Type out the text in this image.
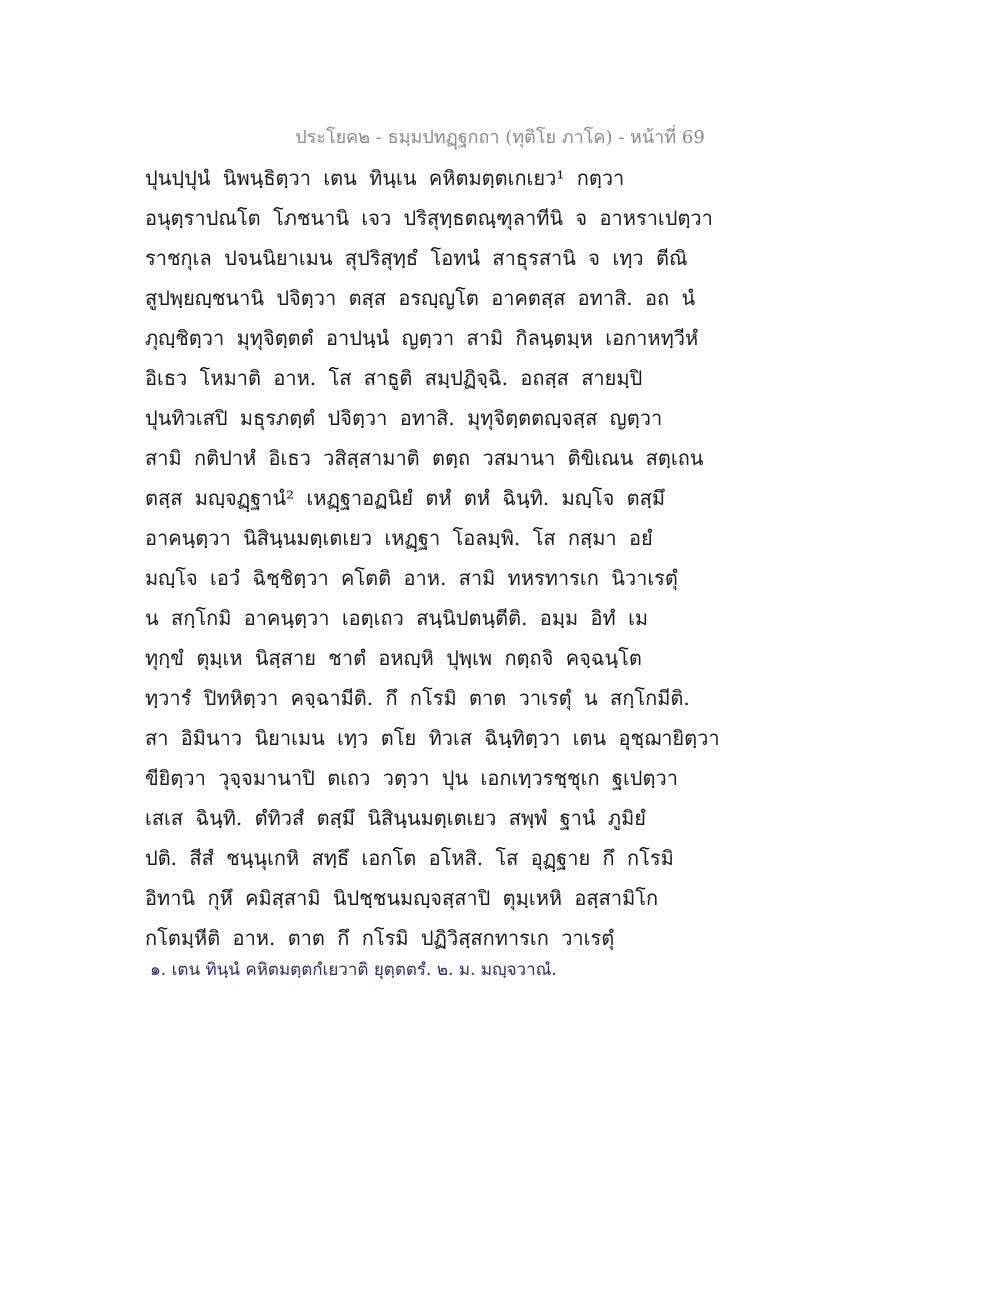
ประโยค๒ - ธมฺมปทฏฺฐกถา (ทุติโย ภาโค) - หน้าที่ 69
ปุนปฺปุนํ นิพนฺธิตฺวา เตน ทินฺเน คหิตมตฺตเกเยว¹ กตฺวา
อนุตฺราปณโต โภชนานิ เจว ปริสุทฺธตณฺฑุลาทีนิ จ อาหราเปตฺวา
ราชกุเล ปจนนิยาเมน สุปริสุทฺธํ โอทนํ สาธุรสานิ จ เทฺว ตีณิ
สูปพฺยญฺชนานิ ปจิตฺวา ตสฺส อรญฺญโต อาคตสฺส อทาสิ. อถ นํ
ภุญฺชิตฺวา มุทุจิตฺตตํ อาปนฺนํ ญตฺวา สามิ กิลนฺตมฺห เอกาหทฺวีหํ
อิเธว โหมาติ อาห. โส สาธูติ สมฺปฏิจฺฉิ. อถสฺส สายมฺปิ
ปุนทิวเสปิ มธุรภตฺตํ ปจิตฺวา อทาสิ. มุทุจิตฺตตญฺจสฺส ญตฺวา
สามิ กติปาหํ อิเธว วสิสฺสามาติ ตตฺถ วสมานา ติขิเณน สตฺเถน
ตสฺส มญฺจฏฺฐานํ² เหฏฺฐาอฏนิยํ ตหํ ตหํ ฉินฺทิ. มญฺโจ ตสฺมึ
อาคนฺตฺวา นิสินฺนมตฺเตเยว เหฏฺฐา โอลมฺพิ. โส กสฺมา อยํ
มญฺโจ เอวํ ฉิชฺชิตฺวา คโตติ อาห. สามิ ทหรทารเก นิวาเรตุํ
น สกฺโกมิ อาคนฺตฺวา เอตฺเถว สนฺนิปตนฺตีติ. อมฺม อิทํ เม
ทุกฺขํ ตุมฺเห นิสฺสาย ชาตํ อหญฺหิ ปุพฺเพ กตฺถจิ คจฺฉนฺโต
ทฺวารํ ปิทหิตฺวา คจฺฉามีติ. กึ กโรมิ ตาต วาเรตุํ น สกฺโกมีติ.
สา อิมินาว นิยาเมน เทฺว ตโย ทิวเส ฉินฺทิตฺวา เตน อุชฺฌายิตฺวา
ขียิตฺวา วุจฺจมานาปิ ตเถว วตฺวา ปุน เอกเทฺวรชฺชุเก ฐเปตฺวา
เสเส ฉินฺทิ. ตํทิวสํ ตสฺมึ นิสินฺนมตฺเตเยว สพฺพํ ฐานํ ภูมิยํ
ปติ. สีสํ ชนฺนุเกหิ สทฺธึ เอกโต อโหสิ. โส อุฏฺฐาย กึ กโรมิ
อิทานิ กุหึ คมิสฺสามิ นิปชฺชนมญฺจสฺสาปิ ตุมฺเหหิ อสฺสามิโก
กโตมฺหีติ อาห. ตาต กึ กโรมิ ปฏิวิสฺสกทารเก วาเรตุํ
๑. เตน ทินฺนํ คหิตมตฺตกํเยวาติ ยุตฺตตรํ. ๒. ม. มญฺจวาณํ.
